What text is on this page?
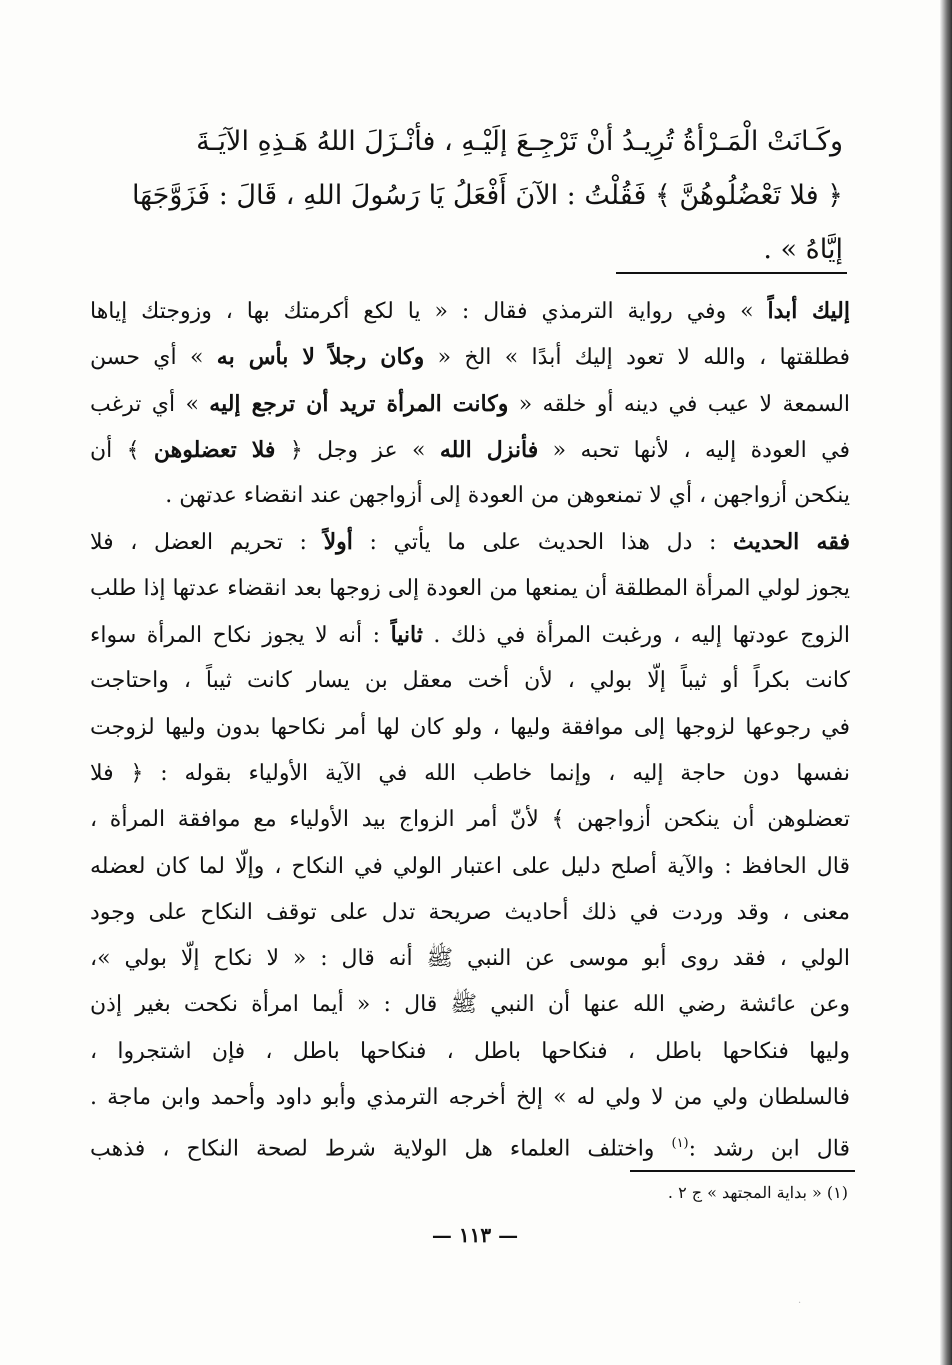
وكَـانَتْ الْمَـرْأةُ تُرِيـدُ أنْ تَرْجِـعَ إلَيْـهِ ، فأنْـزَلَ اللهُ هَـذِهِ الآيَـةَ
﴿ فلا تَعْضُلُوهُنَّ ﴾ فَقُلْتُ : الآنَ أَفْعَلُ يَا رَسُولَ اللهِ ، قَالَ : فَزَوَّجَهَا
إيَّاهُ » .
إليك أبداً » وفي رواية الترمذي فقال : « يا لكع أكرمتك بها ، وزوجتك إياها
فطلقتها ، والله لا تعود إليك أبدًا » الخ « وكان رجلاً لا بأس به » أي حسن
السمعة لا عيب في دينه أو خلقه « وكانت المرأة تريد أن ترجع إليه » أي ترغب
في العودة إليه ، لأنها تحبه « فأنزل الله » عز وجل ﴿ فلا تعضلوهن ﴾ أن
ينكحن أزواجهن ، أي لا تمنعوهن من العودة إلى أزواجهن عند انقضاء عدتهن .
فقه الحديث : دل هذا الحديث على ما يأتي : أولاً : تحريم العضل ، فلا
يجوز لولي المرأة المطلقة أن يمنعها من العودة إلى زوجها بعد انقضاء عدتها إذا طلب
الزوج عودتها إليه ، ورغبت المرأة في ذلك . ثانياً : أنه لا يجوز نكاح المرأة سواء
كانت بكراً أو ثيباً إلّا بولي ، لأن أخت معقل بن يسار كانت ثيباً ، واحتاجت
في رجوعها لزوجها إلى موافقة وليها ، ولو كان لها أمر نكاحها بدون وليها لزوجت
نفسها دون حاجة إليه ، وإنما خاطب الله في الآية الأولياء بقوله : ﴿ فلا
تعضلوهن أن ينكحن أزواجهن ﴾ لأنّ أمر الزواج بيد الأولياء مع موافقة المرأة ،
قال الحافظ : والآية أصلح دليل على اعتبار الولي في النكاح ، وإلّا لما كان لعضله
معنى ، وقد وردت في ذلك أحاديث صريحة تدل على توقف النكاح على وجود
الولي ، فقد روى أبو موسى عن النبي ﷺ أنه قال : « لا نكاح إلّا بولي »،
وعن عائشة رضي الله عنها أن النبي ﷺ قال : « أيما امرأة نكحت بغير إذن
وليها فنكاحها باطل ، فنكاحها باطل ، فنكاحها باطل ، فإن اشتجروا ،
فالسلطان ولي من لا ولي له » إلخ أخرجه الترمذي وأبو داود وأحمد وابن ماجة .
قال ابن رشد :$^{(١)}$ واختلف العلماء هل الولاية شرط لصحة النكاح ، فذهب

(١) « بداية المجتهد » ج ٢ .

— ١١٣ —
·
